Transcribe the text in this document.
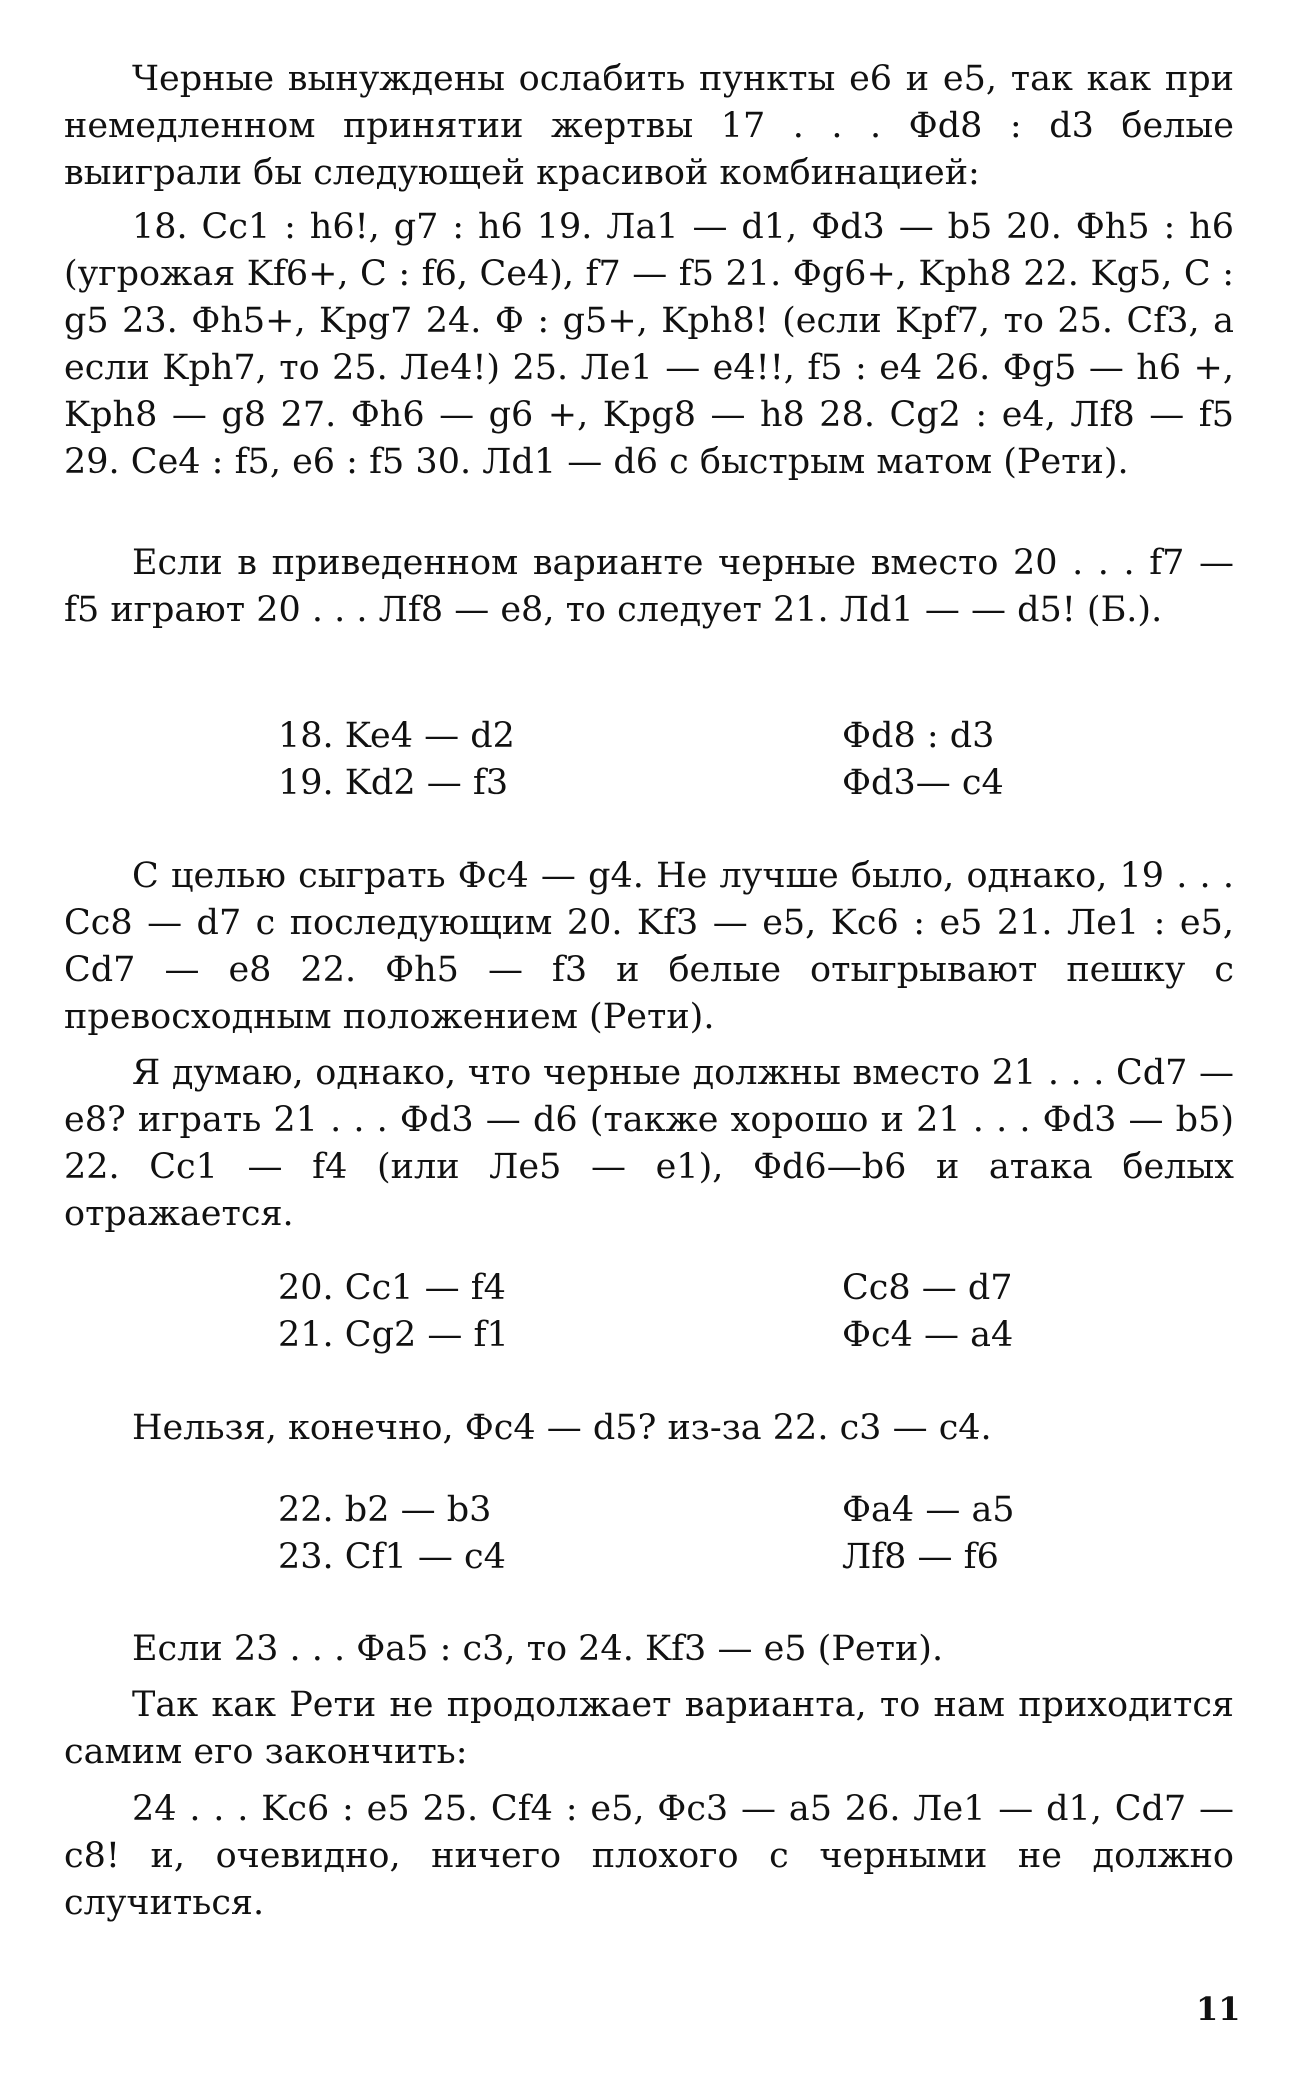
Черные вынуждены ослабить пункты е6 и е5, так как при немедленном принятии жертвы 17 . . . Фd8 : d3 белые выиграли бы следующей красивой комбинацией:

18. Cc1 : h6!, g7 : h6 19. Лa1 — d1, Фd3 — b5 20. Фh5 : h6 (угрожая Kf6+, C : f6, Ce4), f7 — f5 21. Фg6+, Kph8 22. Kg5, C : g5 23. Фh5+, Kpg7 24. Ф : g5+, Kph8! (если Kpf7, то 25. Cf3, а если Kph7, то 25. Лe4!) 25. Лe1 — e4!!, f5 : e4 26. Фg5 — h6 +, Kph8 — g8 27. Фh6 — g6 +, Kpg8 — h8 28. Cg2 : e4, Лf8 — f5 29. Ce4 : f5, e6 : f5 30. Лd1 — d6 с быстрым матом (Рети).

Если в приведенном варианте черные вместо 20 . . . f7 — f5 играют 20 . . . Лf8 — e8, то следует 21. Лd1 — — d5! (Б.).

18. Ke4 — d2	Фd8 : d3
19. Kd2 — f3	Фd3— c4

С целью сыграть Фc4 — g4. Не лучше было, однако, 19 . . . Cc8 — d7 с последующим 20. Kf3 — e5, Kc6 : e5 21. Лe1 : e5, Cd7 — e8 22. Фh5 — f3 и белые отыгрывают пешку с превосходным положением (Рети).

Я думаю, однако, что черные должны вместо 21 . . . Cd7 — e8? играть 21 . . . Фd3 — d6 (также хорошо и 21 . . . Фd3 — b5) 22. Cc1 — f4 (или Лe5 — e1), Фd6—b6 и атака белых отражается.

20. Cc1 — f4	Cc8 — d7
21. Cg2 — f1	Фc4 — a4

Нельзя, конечно, Фc4 — d5? из-за 22. c3 — c4.

22. b2 — b3	Фa4 — a5
23. Cf1 — c4	Лf8 — f6

Если 23 . . . Фa5 : c3, то 24. Kf3 — e5 (Рети).

Так как Рети не продолжает варианта, то нам приходится самим его закончить:

24 . . . Kc6 : e5 25. Cf4 : e5, Фc3 — a5 26. Лe1 — d1, Cd7 — c8! и, очевидно, ничего плохого с черными не должно случиться.

11
